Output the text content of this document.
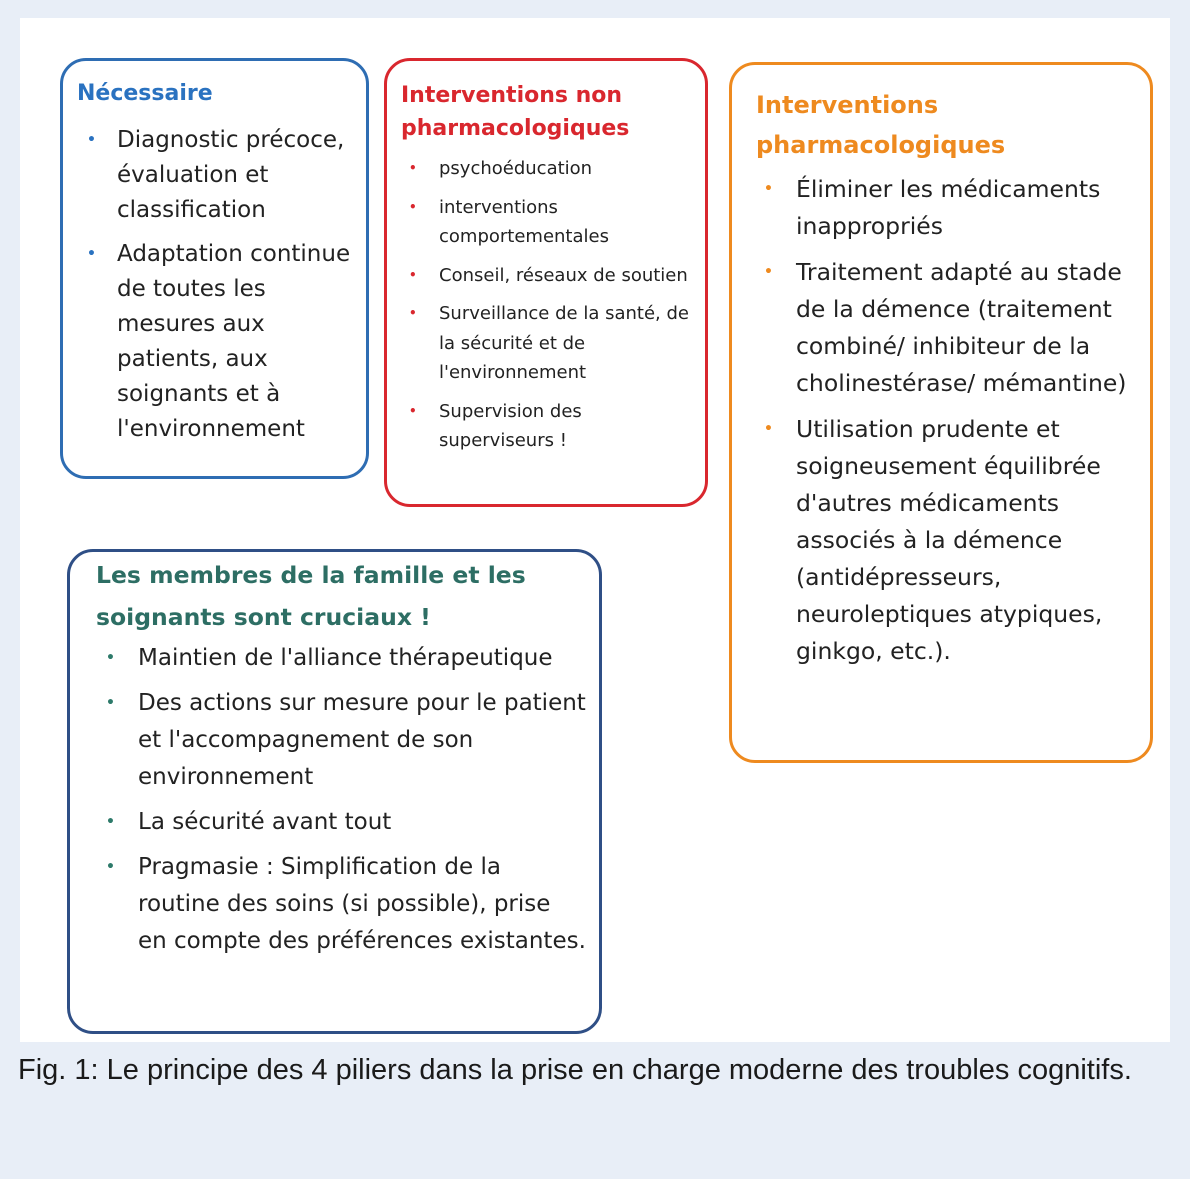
Nécessaire
• Diagnostic précoce, évaluation et classification
• Adaptation continue de toutes les mesures aux patients, aux soignants et à l'environnement
Interventions non pharmacologiques
• psychoéducation
• interventions comportementales
• Conseil, réseaux de soutien
• Surveillance de la santé, de la sécurité et de l'environnement
• Supervision des superviseurs !
Interventions pharmacologiques
• Éliminer les médicaments inappropriés
• Traitement adapté au stade de la démence (traitement combiné/ inhibiteur de la cholinestérase/ mémantine)
• Utilisation prudente et soigneusement équilibrée d'autres médicaments associés à la démence (antidépresseurs, neuroleptiques atypiques, ginkgo, etc.).
Les membres de la famille et les soignants sont cruciaux !
• Maintien de l'alliance thérapeutique
• Des actions sur mesure pour le patient et l'accompagnement de son environnement
• La sécurité avant tout
• Pragmasie : Simplification de la routine des soins (si possible), prise en compte des préférences existantes.

Fig. 1: Le principe des 4 piliers dans la prise en charge moderne des troubles cognitifs.
